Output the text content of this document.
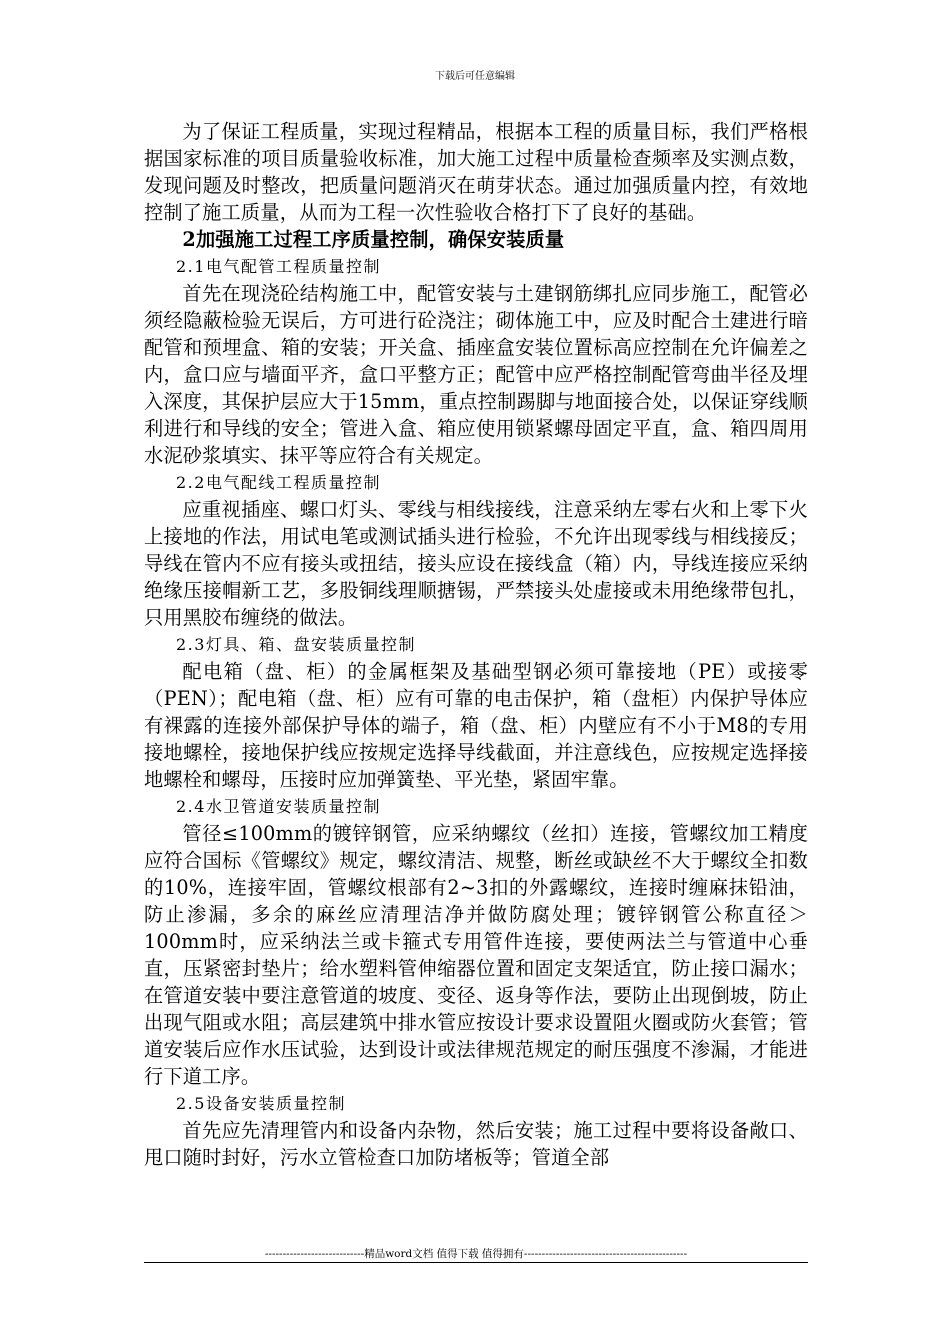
下载后可任意编辑

为了保证工程质量，实现过程精品，根据本工程的质量目标，我们严格根据国家标准的项目质量验收标准，加大施工过程中质量检查频率及实测点数，发现问题及时整改，把质量问题消灭在萌芽状态。通过加强质量内控，有效地控制了施工质量，从而为工程一次性验收合格打下了良好的基础。

2加强施工过程工序质量控制，确保安装质量

2.1电气配管工程质量控制

首先在现浇砼结构施工中，配管安装与土建钢筋绑扎应同步施工，配管必须经隐蔽检验无误后，方可进行砼浇注；砌体施工中，应及时配合土建进行暗配管和预埋盒、箱的安装；开关盒、插座盒安装位置标高应控制在允许偏差之内，盒口应与墙面平齐，盒口平整方正；配管中应严格控制配管弯曲半径及埋入深度，其保护层应大于15mm，重点控制踢脚与地面接合处，以保证穿线顺利进行和导线的安全；管进入盒、箱应使用锁紧螺母固定平直，盒、箱四周用水泥砂浆填实、抹平等应符合有关规定。

2.2电气配线工程质量控制

应重视插座、螺口灯头、零线与相线接线，注意采纳左零右火和上零下火上接地的作法，用试电笔或测试插头进行检验，不允许出现零线与相线接反；导线在管内不应有接头或扭结，接头应设在接线盒（箱）内，导线连接应采纳绝缘压接帽新工艺，多股铜线理顺搪锡，严禁接头处虚接或未用绝缘带包扎，只用黑胶布缠绕的做法。

2.3灯具、箱、盘安装质量控制

配电箱（盘、柜）的金属框架及基础型钢必须可靠接地（PE）或接零（PEN）；配电箱（盘、柜）应有可靠的电击保护，箱（盘柜）内保护导体应有裸露的连接外部保护导体的端子，箱（盘、柜）内壁应有不小于M8的专用接地螺栓，接地保护线应按规定选择导线截面，并注意线色，应按规定选择接地螺栓和螺母，压接时应加弹簧垫、平光垫，紧固牢靠。

2.4水卫管道安装质量控制

管径≤100mm的镀锌钢管，应采纳螺纹（丝扣）连接，管螺纹加工精度应符合国标《管螺纹》规定，螺纹清洁、规整，断丝或缺丝不大于螺纹全扣数的10%，连接牢固，管螺纹根部有2~3扣的外露螺纹，连接时缠麻抹铅油，防止渗漏，多余的麻丝应清理洁净并做防腐处理；镀锌钢管公称直径＞100mm时，应采纳法兰或卡箍式专用管件连接，要使两法兰与管道中心垂直，压紧密封垫片；给水塑料管伸缩器位置和固定支架适宜，防止接口漏水；在管道安装中要注意管道的坡度、变径、返身等作法，要防止出现倒坡，防止出现气阻或水阻；高层建筑中排水管应按设计要求设置阻火圈或防火套管；管道安装后应作水压试验，达到设计或法律规范规定的耐压强度不渗漏，才能进行下道工序。

2.5设备安装质量控制

首先应先清理管内和设备内杂物，然后安装；施工过程中要将设备敞口、甩口随时封好，污水立管检查口加防堵板等；管道全部

----------------------------精品word文档 值得下载 值得拥有----------------------------------------------
